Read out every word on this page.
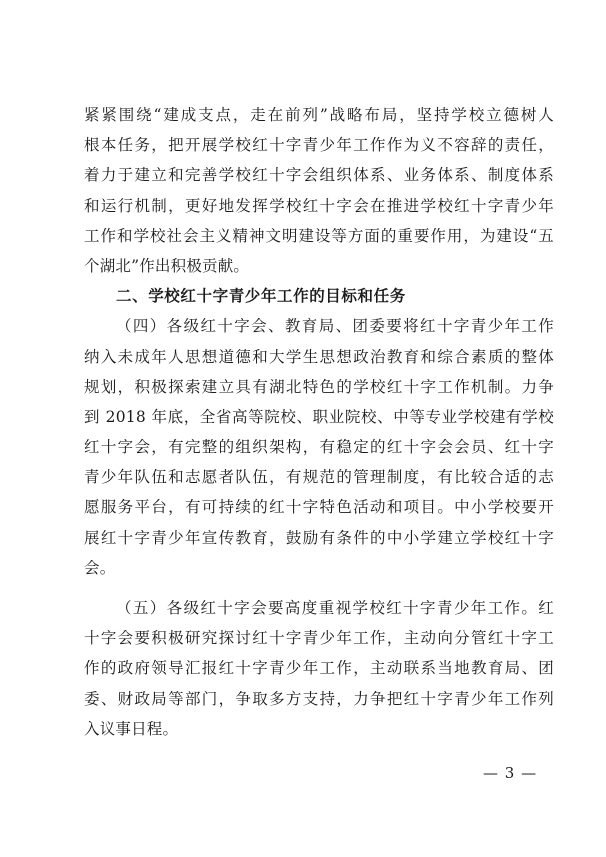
紧紧围绕“建成支点，走在前列”战略布局，坚持学校立德树人
根本任务，把开展学校红十字青少年工作作为义不容辞的责任，
着力于建立和完善学校红十字会组织体系、业务体系、制度体系
和运行机制，更好地发挥学校红十字会在推进学校红十字青少年
工作和学校社会主义精神文明建设等方面的重要作用，为建设“五
个湖北”作出积极贡献。
二、学校红十字青少年工作的目标和任务
（四）各级红十字会、教育局、团委要将红十字青少年工作
纳入未成年人思想道德和大学生思想政治教育和综合素质的整体
规划，积极探索建立具有湖北特色的学校红十字工作机制。力争
到 2018 年底，全省高等院校、职业院校、中等专业学校建有学校
红十字会，有完整的组织架构，有稳定的红十字会会员、红十字
青少年队伍和志愿者队伍，有规范的管理制度，有比较合适的志
愿服务平台，有可持续的红十字特色活动和项目。中小学校要开
展红十字青少年宣传教育，鼓励有条件的中小学建立学校红十字
会。
（五）各级红十字会要高度重视学校红十字青少年工作。红
十字会要积极研究探讨红十字青少年工作，主动向分管红十字工
作的政府领导汇报红十字青少年工作，主动联系当地教育局、团
委、财政局等部门，争取多方支持，力争把红十字青少年工作列
入议事日程。
— 3 —
